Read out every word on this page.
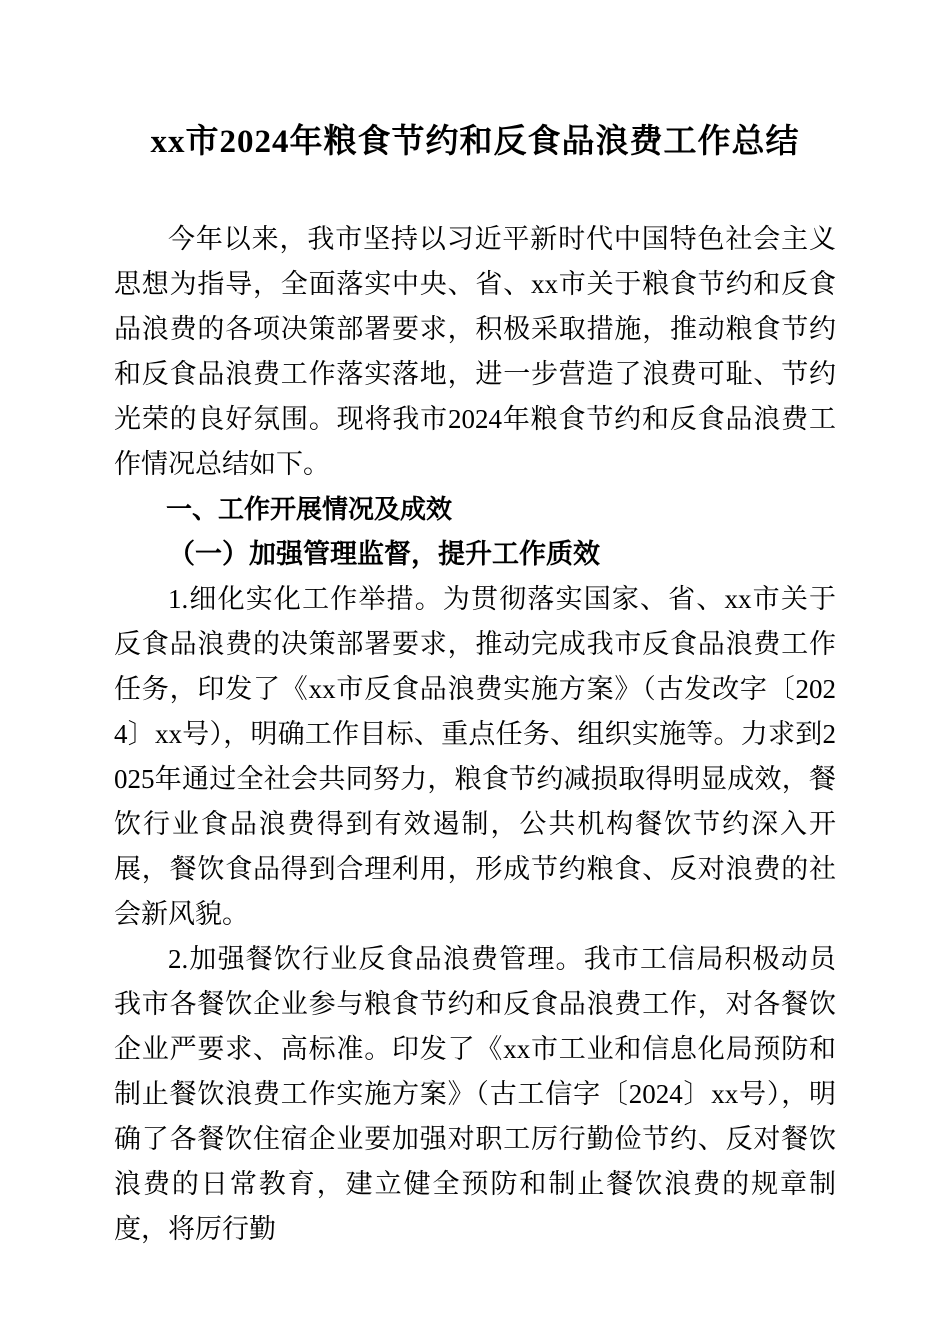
xx市2024年粮食节约和反食品浪费工作总结

今年以来，我市坚持以习近平新时代中国特色社会主义思想为指导，全面落实中央、省、xx市关于粮食节约和反食品浪费的各项决策部署要求，积极采取措施，推动粮食节约和反食品浪费工作落实落地，进一步营造了浪费可耻、节约光荣的良好氛围。现将我市2024年粮食节约和反食品浪费工作情况总结如下。

一、工作开展情况及成效
（一）加强管理监督，提升工作质效

1.细化实化工作举措。为贯彻落实国家、省、xx市关于反食品浪费的决策部署要求，推动完成我市反食品浪费工作任务，印发了《xx市反食品浪费实施方案》（古发改字〔2024〕xx号），明确工作目标、重点任务、组织实施等。力求到2025年通过全社会共同努力，粮食节约减损取得明显成效，餐饮行业食品浪费得到有效遏制，公共机构餐饮节约深入开展，餐饮食品得到合理利用，形成节约粮食、反对浪费的社会新风貌。

2.加强餐饮行业反食品浪费管理。我市工信局积极动员我市各餐饮企业参与粮食节约和反食品浪费工作，对各餐饮企业严要求、高标准。印发了《xx市工业和信息化局预防和制止餐饮浪费工作实施方案》（古工信字〔2024〕xx号），明确了各餐饮住宿企业要加强对职工厉行勤俭节约、反对餐饮浪费的日常教育，建立健全预防和制止餐饮浪费的规章制度，将厉行勤
